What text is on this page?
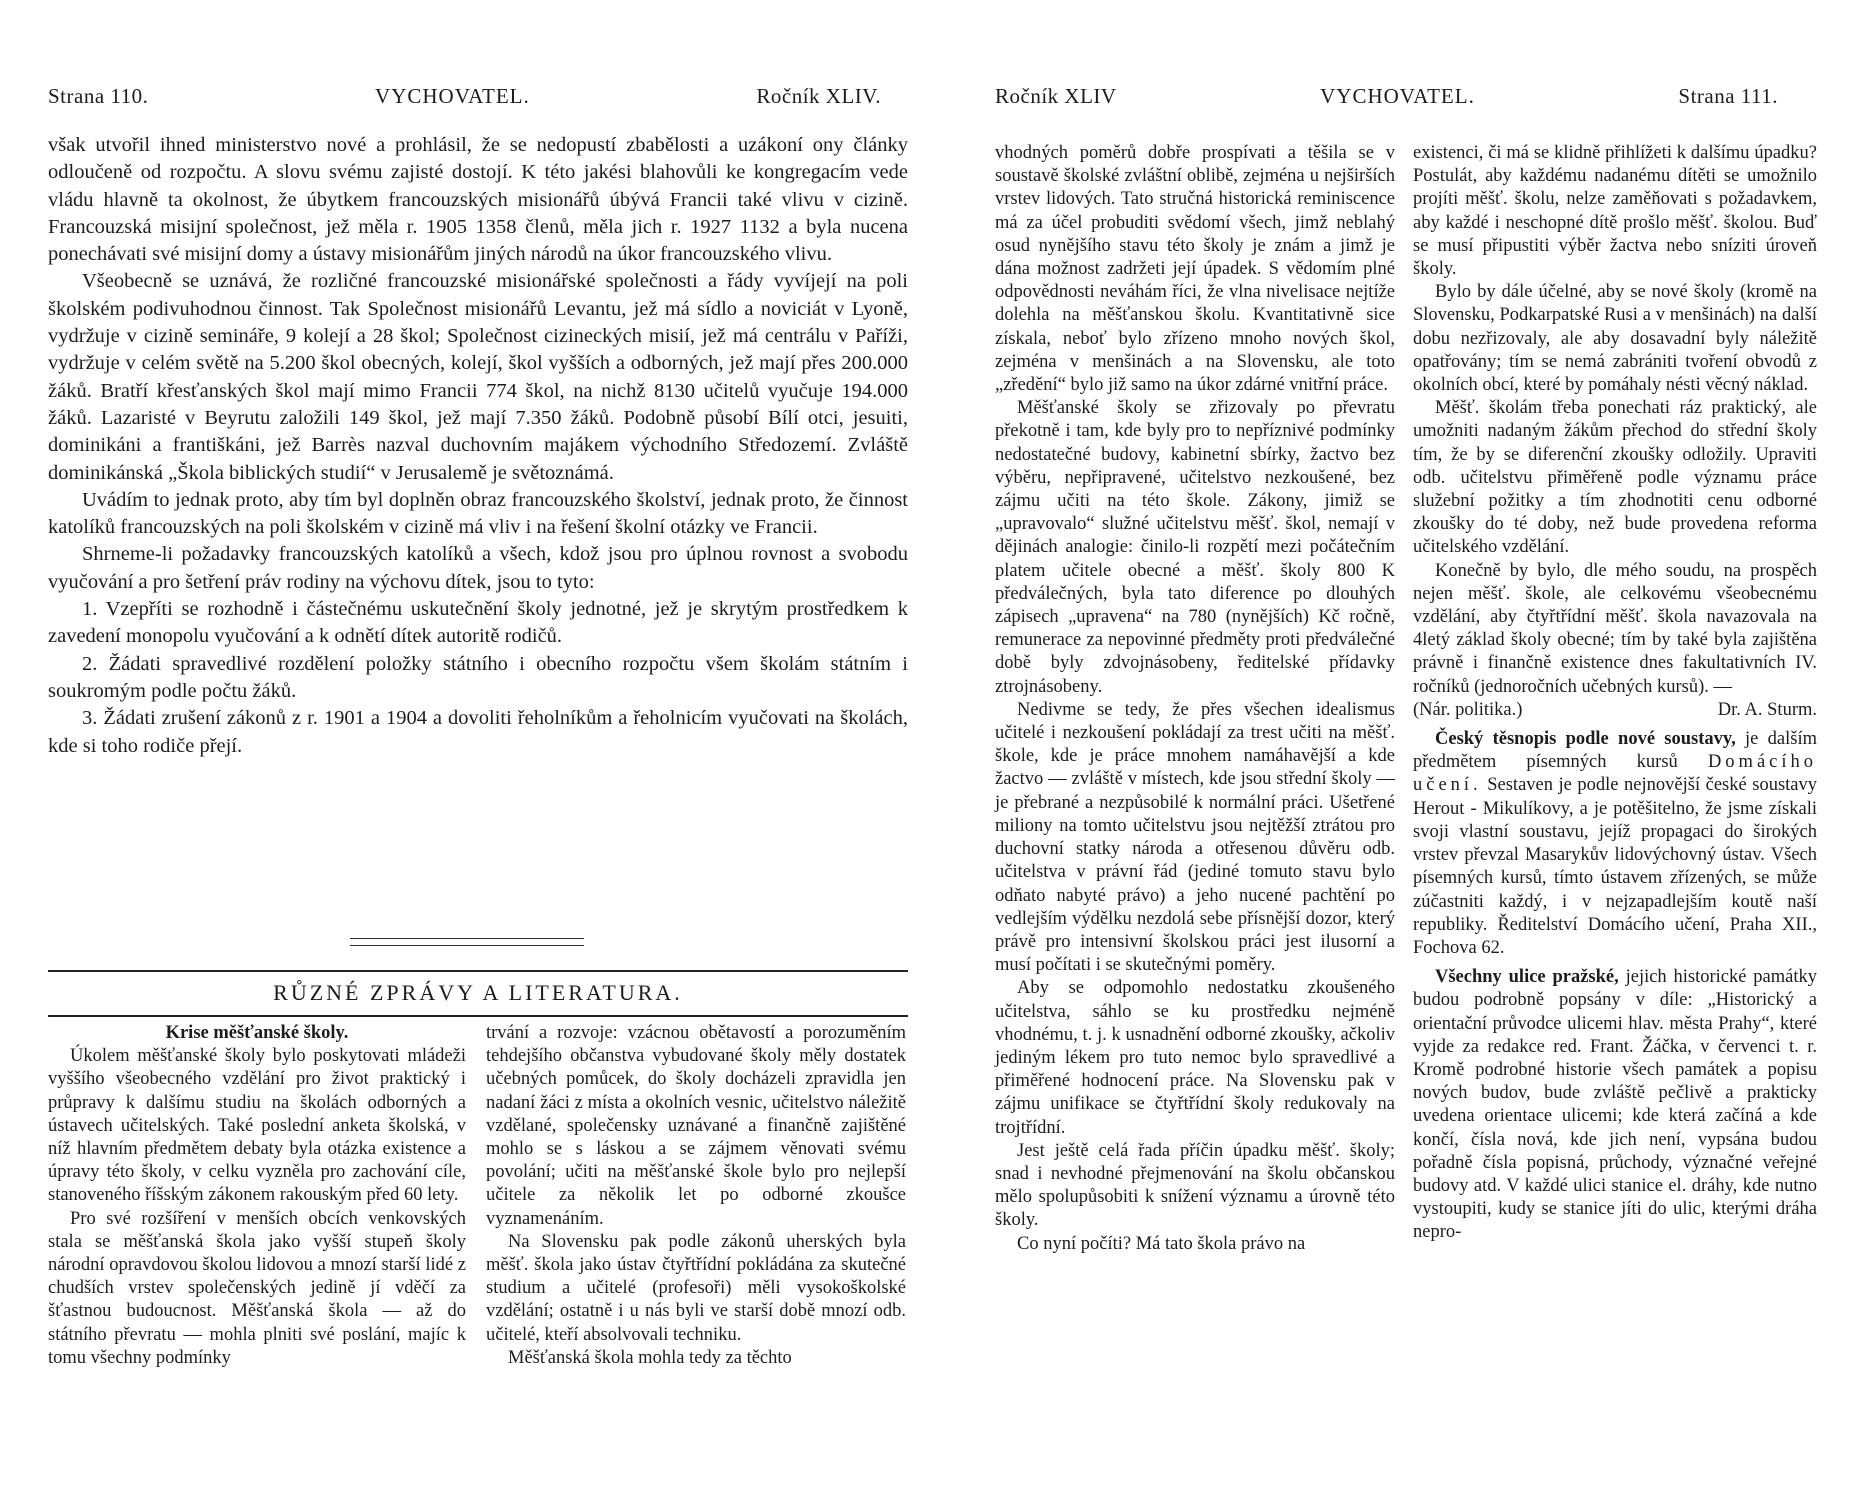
Strana 110.	VYCHOVATEL.	Ročník XLIV.

však utvořil ihned ministerstvo nové a prohlásil, že se nedopustí zbabělosti a uzákoní ony články odloučeně od rozpočtu. A slovu svému zajisté dostojí. K této jakési blahovůli ke kongregacím vede vládu hlavně ta okolnost, že úbytkem francouzských misionářů úbývá Francii také vlivu v cizině. Francouzská misijní společnost, jež měla r. 1905 1358 členů, měla jich r. 1927 1132 a byla nucena ponechávati své misijní domy a ústavy misionářům jiných národů na úkor francouzského vlivu.

Všeobecně se uznává, že rozličné francouzské misionářské společnosti a řády vyvíjejí na poli školském podivuhodnou činnost. Tak Společnost misionářů Levantu, jež má sídlo a noviciát v Lyoně, vydržuje v cizině semináře, 9 kolejí a 28 škol; Společnost cizineckých misií, jež má centrálu v Paříži, vydržuje v celém světě na 5.200 škol obecných, kolejí, škol vyšších a odborných, jež mají přes 200.000 žáků. Bratří křesťanských škol mají mimo Francii 774 škol, na nichž 8130 učitelů vyučuje 194.000 žáků. Lazaristé v Beyrutu založili 149 škol, jež mají 7.350 žáků. Podobně působí Bílí otci, jesuiti, dominikáni a františkáni, jež Barrès nazval duchovním majákem východního Středozemí. Zvláště dominikánská „Škola biblických studií“ v Jerusalemě je světoznámá.

Uvádím to jednak proto, aby tím byl doplněn obraz francouzského školství, jednak proto, že činnost katolíků francouzských na poli školském v cizině má vliv i na řešení školní otázky ve Francii.

Shrneme-li požadavky francouzských katolíků a všech, kdož jsou pro úplnou rovnost a svobodu vyučování a pro šetření práv rodiny na výchovu dítek, jsou to tyto:

1. Vzepříti se rozhodně i částečnému uskutečnění školy jednotné, jež je skrytým prostředkem k zavedení monopolu vyučování a k odnětí dítek autoritě rodičů.

2. Žádati spravedlivé rozdělení položky státního i obecního rozpočtu všem školám státním i soukromým podle počtu žáků.

3. Žádati zrušení zákonů z r. 1901 a 1904 a dovoliti řeholníkům a řeholnicím vyučovati na školách, kde si toho rodiče přejí.

RŮZNÉ ZPRÁVY A LITERATURA.

Krise měšťanské školy.

Úkolem měšťanské školy bylo poskytovati mládeži vyššího všeobecného vzdělání pro život praktický i průpravy k dalšímu studiu na školách odborných a ústavech učitelských. Také poslední anketa školská, v níž hlavním předmětem debaty byla otázka existence a úpravy této školy, v celku vyzněla pro zachování cíle, stanoveného říšským zákonem rakouským před 60 lety.

Pro své rozšíření v menších obcích venkovských stala se měšťanská škola jako vyšší stupeň školy národní opravdovou školou lidovou a mnozí starší lidé z chudších vrstev společenských jedině jí vděčí za šťastnou budoucnost. Měšťanská škola — až do státního převratu — mohla plniti své poslání, majíc k tomu všechny podmínky

trvání a rozvoje: vzácnou obětavostí a porozuměním tehdejšího občanstva vybudované školy měly dostatek učebných pomůcek, do školy docházeli zpravidla jen nadaní žáci z místa a okolních vesnic, učitelstvo náležitě vzdělané, společensky uznávané a finančně zajištěné mohlo se s láskou a se zájmem věnovati svému povolání; učiti na měšťanské škole bylo pro nejlepší učitele za několik let po odborné zkoušce vyznamenáním.

Na Slovensku pak podle zákonů uherských byla měšť. škola jako ústav čtyřtřídní pokládána za skutečné studium a učitelé (profesoři) měli vysokoškolské vzdělání; ostatně i u nás byli ve starší době mnozí odb. učitelé, kteří absolvovali techniku.

Měšťanská škola mohla tedy za těchto

Ročník XLIV	VYCHOVATEL.	Strana 111.

vhodných poměrů dobře prospívati a těšila se v soustavě školské zvláštní oblibě, zejména u nejširších vrstev lidových. Tato stručná historická reminiscence má za účel probuditi svědomí všech, jimž neblahý osud nynějšího stavu této školy je znám a jimž je dána možnost zadržeti její úpadek. S vědomím plné odpovědnosti neváhám říci, že vlna nivelisace nejtíže dolehla na měšťanskou školu. Kvantitativně sice získala, neboť bylo zřízeno mnoho nových škol, zejména v menšinách a na Slovensku, ale toto „zředění“ bylo již samo na úkor zdárné vnitřní práce.

Měšťanské školy se zřizovaly po převratu překotně i tam, kde byly pro to nepříznivé podmínky nedostatečné budovy, kabinetní sbírky, žactvo bez výběru, nepřipravené, učitelstvo nezkoušené, bez zájmu učiti na této škole. Zákony, jimiž se „upravovalo“ služné učitelstvu měšť. škol, nemají v dějinách analogie: činilo-li rozpětí mezi počátečním platem učitele obecné a měšť. školy 800 K předválečných, byla tato diference po dlouhých zápisech „upravena“ na 780 (nynějších) Kč ročně, remunerace za nepovinné předměty proti předválečné době byly zdvojnásobeny, ředitelské přídavky ztrojnásobeny.

Nedivme se tedy, že přes všechen idealismus učitelé i nezkoušení pokládají za trest učiti na měšť. škole, kde je práce mnohem namáhavější a kde žactvo — zvláště v místech, kde jsou střední školy — je přebrané a nezpůsobilé k normální práci. Ušetřené miliony na tomto učitelstvu jsou nejtěžší ztrátou pro duchovní statky národa a otřesenou důvěru odb. učitelstva v právní řád (jediné tomuto stavu bylo odňato nabyté právo) a jeho nucené pachtění po vedlejším výdělku nezdolá sebe přísnější dozor, který právě pro intensivní školskou práci jest ilusorní a musí počítati i se skutečnými poměry.

Aby se odpomohlo nedostatku zkoušeného učitelstva, sáhlo se ku prostředku nejméně vhodnému, t. j. k usnadnění odborné zkoušky, ačkoliv jediným lékem pro tuto nemoc bylo spravedlivé a přiměřené hodnocení práce. Na Slovensku pak v zájmu unifikace se čtyřtřídní školy redukovaly na trojtřídní.

Jest ještě celá řada příčin úpadku měšť. školy; snad i nevhodné přejmenování na školu občanskou mělo spolupůsobiti k snížení významu a úrovně této školy.

Co nyní počíti? Má tato škola právo na

existenci, či má se klidně přihlížeti k dalšímu úpadku? Postulát, aby každému nadanému dítěti se umožnilo projíti měšť. školu, nelze zaměňovati s požadavkem, aby každé i neschopné dítě prošlo měšť. školou. Buď se musí připustiti výběr žactva nebo sníziti úroveň školy.

Bylo by dále účelné, aby se nové školy (kromě na Slovensku, Podkarpatské Rusi a v menšinách) na další dobu nezřizovaly, ale aby dosavadní byly náležitě opatřovány; tím se nemá zabrániti tvoření obvodů z okolních obcí, které by pomáhaly nésti věcný náklad.

Měšť. školám třeba ponechati ráz praktický, ale umožniti nadaným žákům přechod do střední školy tím, že by se diferenční zkoušky odložily. Upraviti odb. učitelstvu přiměřeně podle významu práce služební požitky a tím zhodnotiti cenu odborné zkoušky do té doby, než bude provedena reforma učitelského vzdělání.

Konečně by bylo, dle mého soudu, na prospěch nejen měšť. škole, ale celkovému všeobecnému vzdělání, aby čtyřtřídní měšť. škola navazovala na 4letý základ školy obecné; tím by také byla zajištěna právně i finančně existence dnes fakultativních IV. ročníků (jednoročních učebných kursů). —

(Nár. politika.)	Dr. A. Sturm.

Český těsnopis podle nové soustavy, je dalším předmětem písemných kursů Domácího učení. Sestaven je podle nejnovější české soustavy Herout - Mikulíkovy, a je potěšitelno, že jsme získali svoji vlastní soustavu, jejíž propagaci do širokých vrstev převzal Masarykův lidovýchovný ústav. Všech písemných kursů, tímto ústavem zřízených, se může zúčastniti každý, i v nejzapadlejším koutě naší republiky. Ředitelství Domácího učení, Praha XII., Fochova 62.

Všechny ulice pražské, jejich historické památky budou podrobně popsány v díle: „Historický a orientační průvodce ulicemi hlav. města Prahy“, které vyjde za redakce red. Frant. Žáčka, v červenci t. r. Kromě podrobné historie všech památek a popisu nových budov, bude zvláště pečlivě a prakticky uvedena orientace ulicemi; kde která začíná a kde končí, čísla nová, kde jich není, vypsána budou pořadně čísla popisná, průchody, význačné veřejné budovy atd. V každé ulici stanice el. dráhy, kde nutno vystoupiti, kudy se stanice jíti do ulic, kterými dráha nepro-
